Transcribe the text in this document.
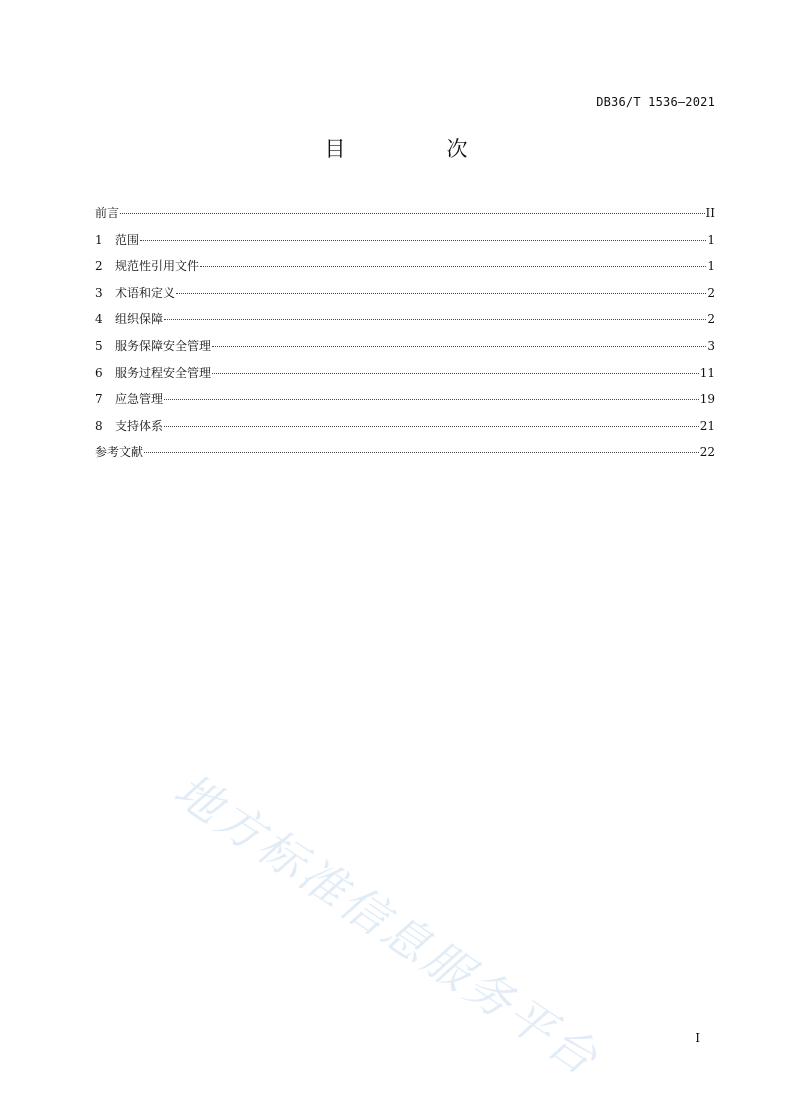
DB36/T 1536—2021
目　次
前言	II
1	范围	1
2	规范性引用文件	1
3	术语和定义	2
4	组织保障	2
5	服务保障安全管理	3
6	服务过程安全管理	11
7	应急管理	19
8	支持体系	21
参考文献	22
地方标准信息服务平台	I
